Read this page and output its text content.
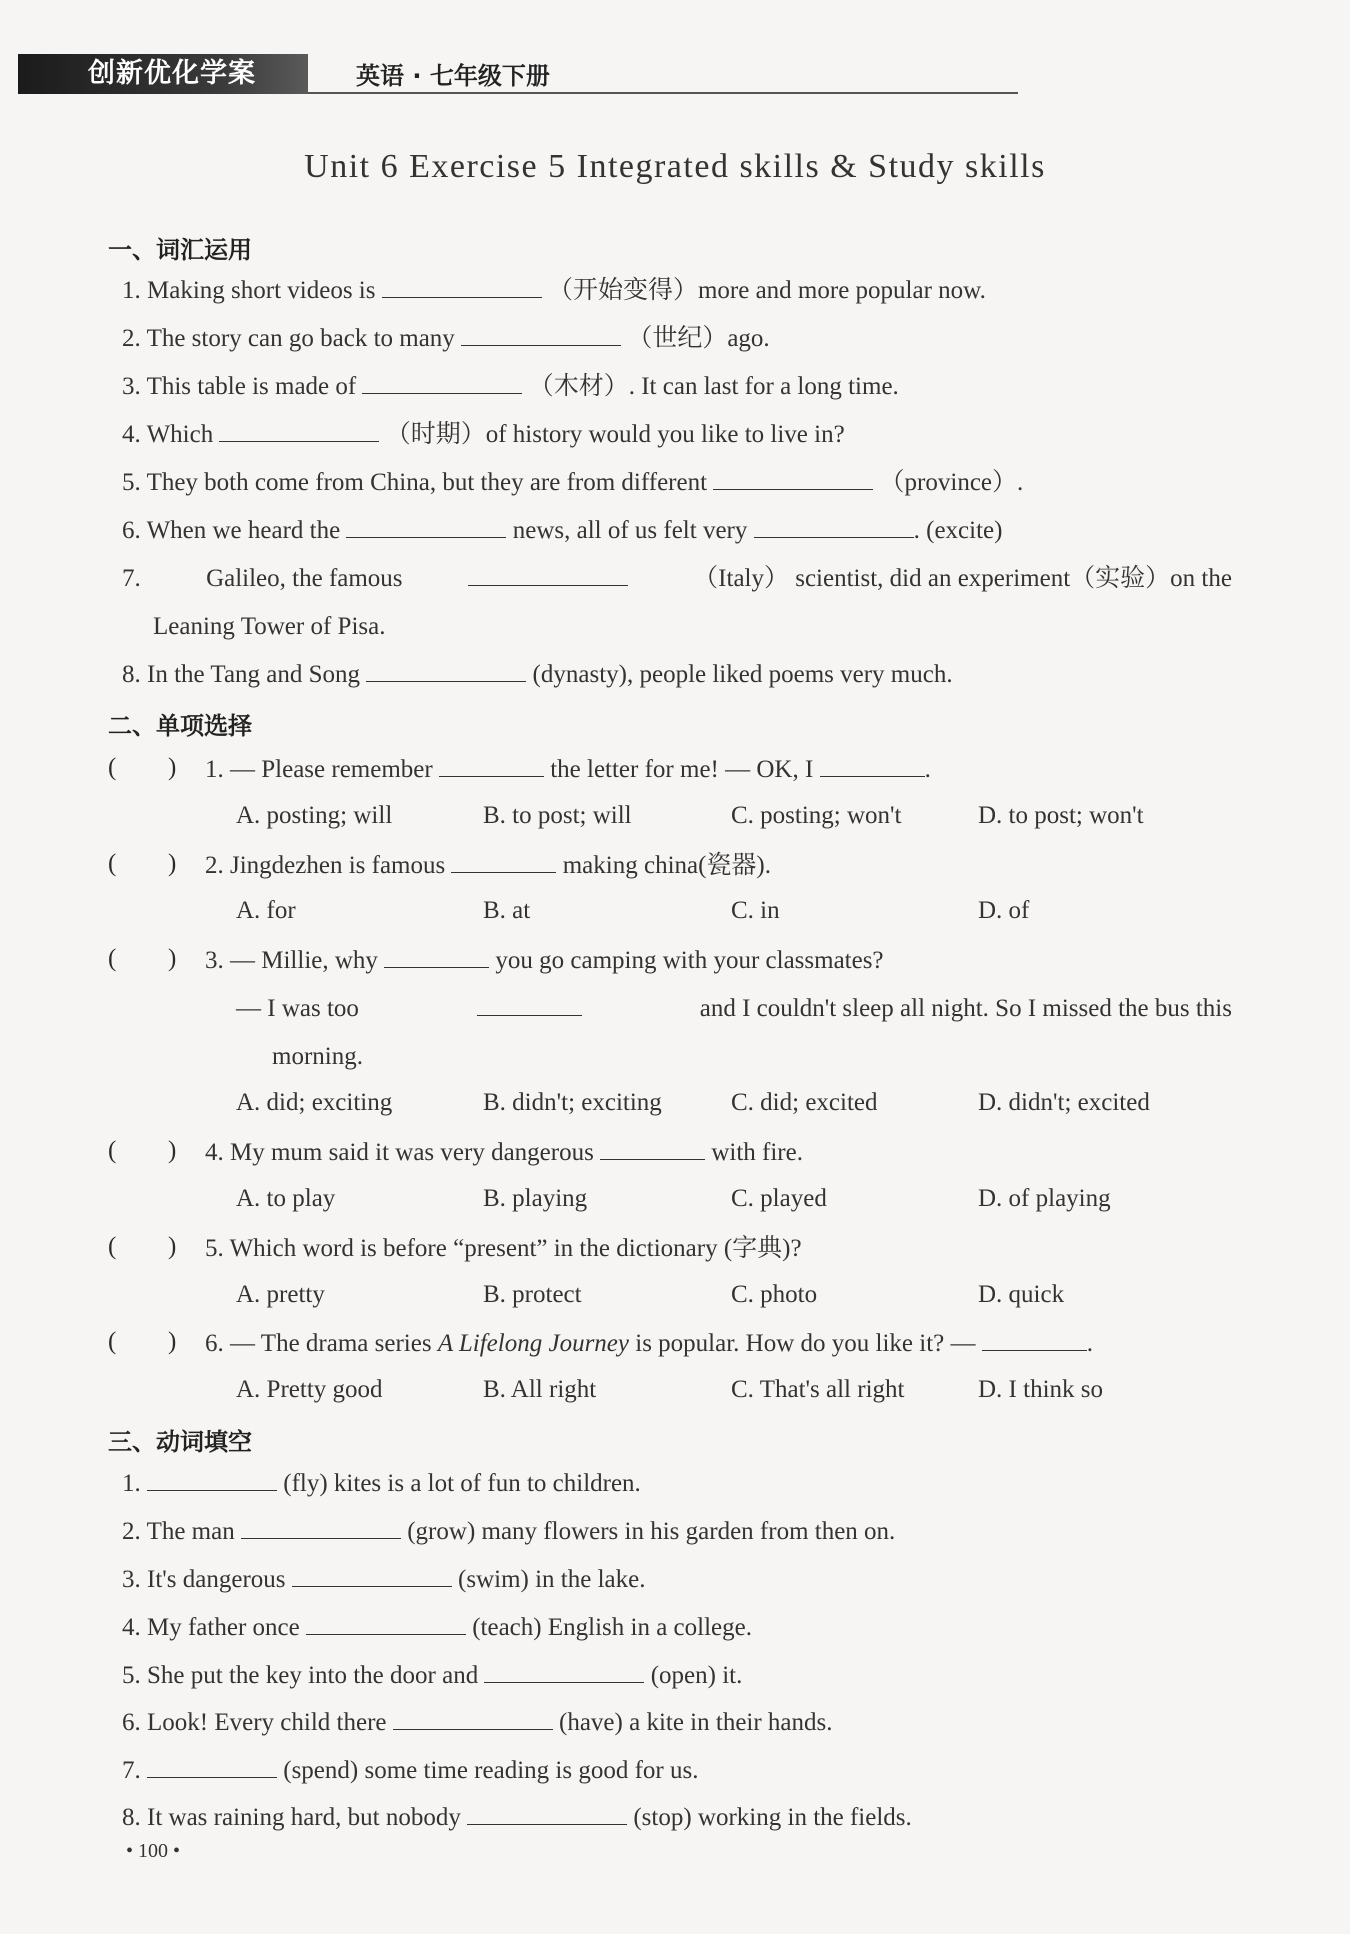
创新优化学案	英语 · 七年级下册
Unit 6 Exercise 5 Integrated skills & Study skills
一、词汇运用
1. Making short videos is	（开始变得）more and more popular now.
2. The story can go back to many	（世纪）ago.
3. This table is made of	（木材）. It can last for a long time.
4. Which	（时期）of history would you like to live in?
5. They both come from China, but they are from different	（province）.
6. When we heard the	news, all of us felt very	. (excite)
7.	Galileo, the famous	（Italy） scientist, did an experiment（实验）on the
Leaning Tower of Pisa.
8. In the Tang and Song	(dynasty), people liked poems very much.
二、单项选择
( )	1. — Please remember	the letter for me! — OK, I	.
A. posting; will	B. to post; will	C. posting; won't	D. to post; won't
( )	2. Jingdezhen is famous	making china(瓷器).
A. for	B. at	C. in	D. of
( )	3. — Millie, why	you go camping with your classmates?
— I was too	and I couldn't sleep all night. So I missed the bus this
morning.
A. did; exciting	B. didn't; exciting	C. did; excited	D. didn't; excited
( )	4. My mum said it was very dangerous	with fire.
A. to play	B. playing	C. played	D. of playing
( )	5. Which word is before “present” in the dictionary (字典)?
A. pretty	B. protect	C. photo	D. quick
( )	6. — The drama series A Lifelong Journey is popular. How do you like it? —	.
A. Pretty good	B. All right	C. That's all right	D. I think so
三、动词填空
1.	(fly) kites is a lot of fun to children.
2. The man	(grow) many flowers in his garden from then on.
3. It's dangerous	(swim) in the lake.
4. My father once	(teach) English in a college.
5. She put the key into the door and	(open) it.
6. Look! Every child there	(have) a kite in their hands.
7.	(spend) some time reading is good for us.
8. It was raining hard, but nobody	(stop) working in the fields.
• 100 •
